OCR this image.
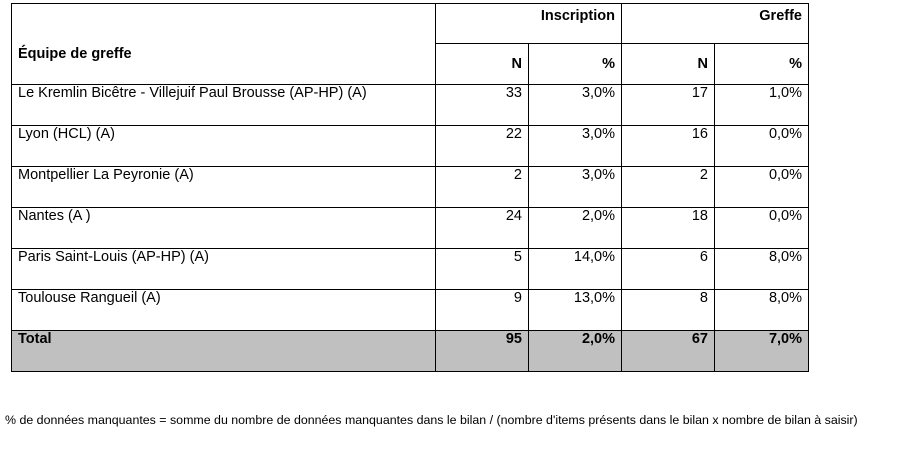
Équipe de greffe	Inscription		Greffe	
	N	%	N	%
Le Kremlin Bicêtre - Villejuif Paul Brousse (AP-HP) (A)	33	3,0%	17	1,0%
Lyon (HCL) (A)	22	3,0%	16	0,0%
Montpellier La Peyronie (A)	2	3,0%	2	0,0%
Nantes (A )	24	2,0%	18	0,0%
Paris Saint-Louis (AP-HP) (A)	5	14,0%	6	8,0%
Toulouse Rangueil (A)	9	13,0%	8	8,0%
Total	95	2,0%	67	7,0%
% de données manquantes = somme du nombre de données manquantes dans le bilan / (nombre d'items présents dans le bilan x nombre de bilan à saisir)
